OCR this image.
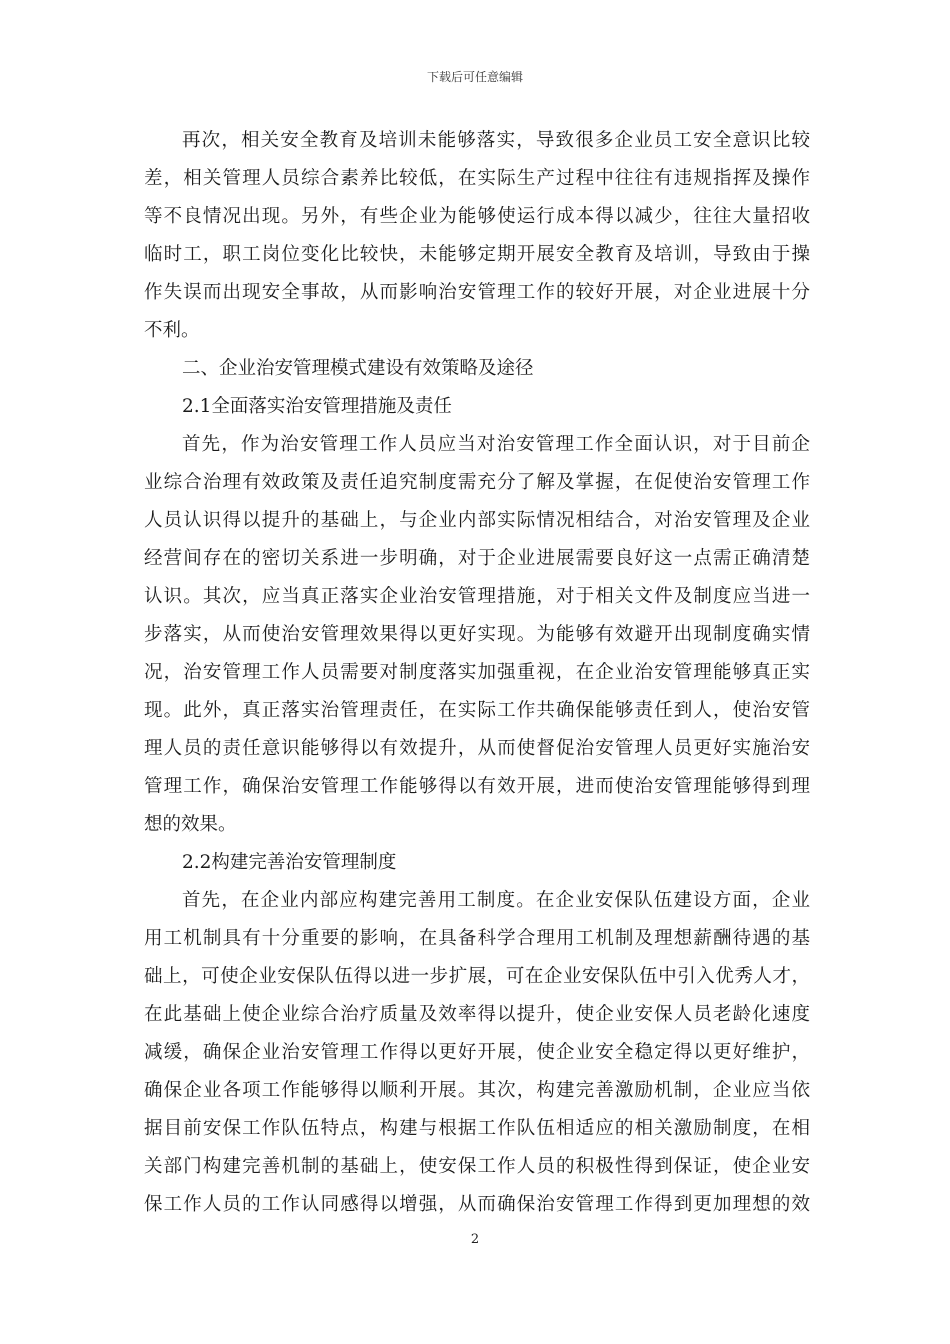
下载后可任意编辑
再次，相关安全教育及培训未能够落实，导致很多企业员工安全意识比较
差，相关管理人员综合素养比较低，在实际生产过程中往往有违规指挥及操作
等不良情况出现。另外，有些企业为能够使运行成本得以减少，往往大量招收
临时工，职工岗位变化比较快，未能够定期开展安全教育及培训，导致由于操
作失误而出现安全事故，从而影响治安管理工作的较好开展，对企业进展十分
不利。
二、企业治安管理模式建设有效策略及途径
2.1全面落实治安管理措施及责任
首先，作为治安管理工作人员应当对治安管理工作全面认识，对于目前企
业综合治理有效政策及责任追究制度需充分了解及掌握，在促使治安管理工作
人员认识得以提升的基础上，与企业内部实际情况相结合，对治安管理及企业
经营间存在的密切关系进一步明确，对于企业进展需要良好这一点需正确清楚
认识。其次，应当真正落实企业治安管理措施，对于相关文件及制度应当进一
步落实，从而使治安管理效果得以更好实现。为能够有效避开出现制度确实情
况，治安管理工作人员需要对制度落实加强重视，在企业治安管理能够真正实
现。此外，真正落实治管理责任，在实际工作共确保能够责任到人，使治安管
理人员的责任意识能够得以有效提升，从而使督促治安管理人员更好实施治安
管理工作，确保治安管理工作能够得以有效开展，进而使治安管理能够得到理
想的效果。
2.2构建完善治安管理制度
首先，在企业内部应构建完善用工制度。在企业安保队伍建设方面，企业
用工机制具有十分重要的影响，在具备科学合理用工机制及理想薪酬待遇的基
础上，可使企业安保队伍得以进一步扩展，可在企业安保队伍中引入优秀人才，
在此基础上使企业综合治疗质量及效率得以提升，使企业安保人员老龄化速度
减缓，确保企业治安管理工作得以更好开展，使企业安全稳定得以更好维护，
确保企业各项工作能够得以顺利开展。其次，构建完善激励机制，企业应当依
据目前安保工作队伍特点，构建与根据工作队伍相适应的相关激励制度，在相
关部门构建完善机制的基础上，使安保工作人员的积极性得到保证，使企业安
保工作人员的工作认同感得以增强，从而确保治安管理工作得到更加理想的效
2
